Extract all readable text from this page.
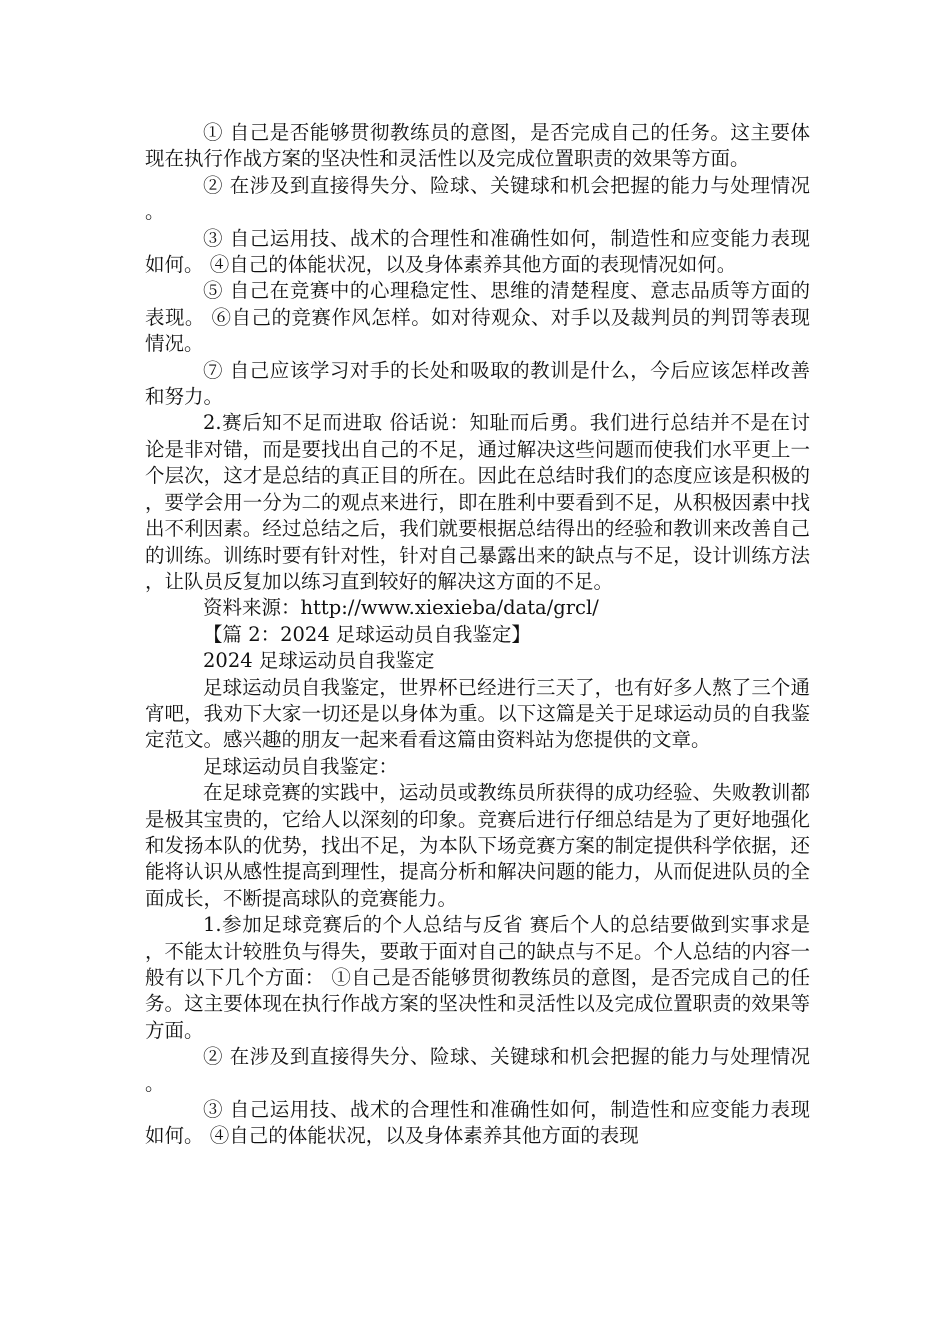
① 自己是否能够贯彻教练员的意图，是否完成自己的任务。这主要体现在执行作战方案的坚决性和灵活性以及完成位置职责的效果等方面。

② 在涉及到直接得失分、险球、关键球和机会把握的能力与处理情况。

③ 自己运用技、战术的合理性和准确性如何，制造性和应变能力表现如何。 ④自己的体能状况，以及身体素养其他方面的表现情况如何。

⑤ 自己在竞赛中的心理稳定性、思维的清楚程度、意志品质等方面的表现。 ⑥自己的竞赛作风怎样。如对待观众、对手以及裁判员的判罚等表现情况。

⑦ 自己应该学习对手的长处和吸取的教训是什么，今后应该怎样改善和努力。

2.赛后知不足而进取 俗话说：知耻而后勇。我们进行总结并不是在讨论是非对错，而是要找出自己的不足，通过解决这些问题而使我们水平更上一个层次，这才是总结的真正目的所在。因此在总结时我们的态度应该是积极的，要学会用一分为二的观点来进行，即在胜利中要看到不足，从积极因素中找出不利因素。经过总结之后，我们就要根据总结得出的经验和教训来改善自己的训练。训练时要有针对性，针对自己暴露出来的缺点与不足，设计训练方法，让队员反复加以练习直到较好的解决这方面的不足。

资料来源：http://www.xiexieba/data/grcl/

【篇 2：2024 足球运动员自我鉴定】

2024 足球运动员自我鉴定

足球运动员自我鉴定，世界杯已经进行三天了，也有好多人熬了三个通宵吧，我劝下大家一切还是以身体为重。以下这篇是关于足球运动员的自我鉴定范文。感兴趣的朋友一起来看看这篇由资料站为您提供的文章。

足球运动员自我鉴定：

在足球竞赛的实践中，运动员或教练员所获得的成功经验、失败教训都是极其宝贵的，它给人以深刻的印象。竞赛后进行仔细总结是为了更好地强化和发扬本队的优势，找出不足，为本队下场竞赛方案的制定提供科学依据，还能将认识从感性提高到理性，提高分析和解决问题的能力，从而促进队员的全面成长，不断提高球队的竞赛能力。

1.参加足球竞赛后的个人总结与反省 赛后个人的总结要做到实事求是，不能太计较胜负与得失，要敢于面对自己的缺点与不足。个人总结的内容一般有以下几个方面： ①自己是否能够贯彻教练员的意图，是否完成自己的任务。这主要体现在执行作战方案的坚决性和灵活性以及完成位置职责的效果等方面。

② 在涉及到直接得失分、险球、关键球和机会把握的能力与处理情况。

③ 自己运用技、战术的合理性和准确性如何，制造性和应变能力表现如何。 ④自己的体能状况，以及身体素养其他方面的表现
